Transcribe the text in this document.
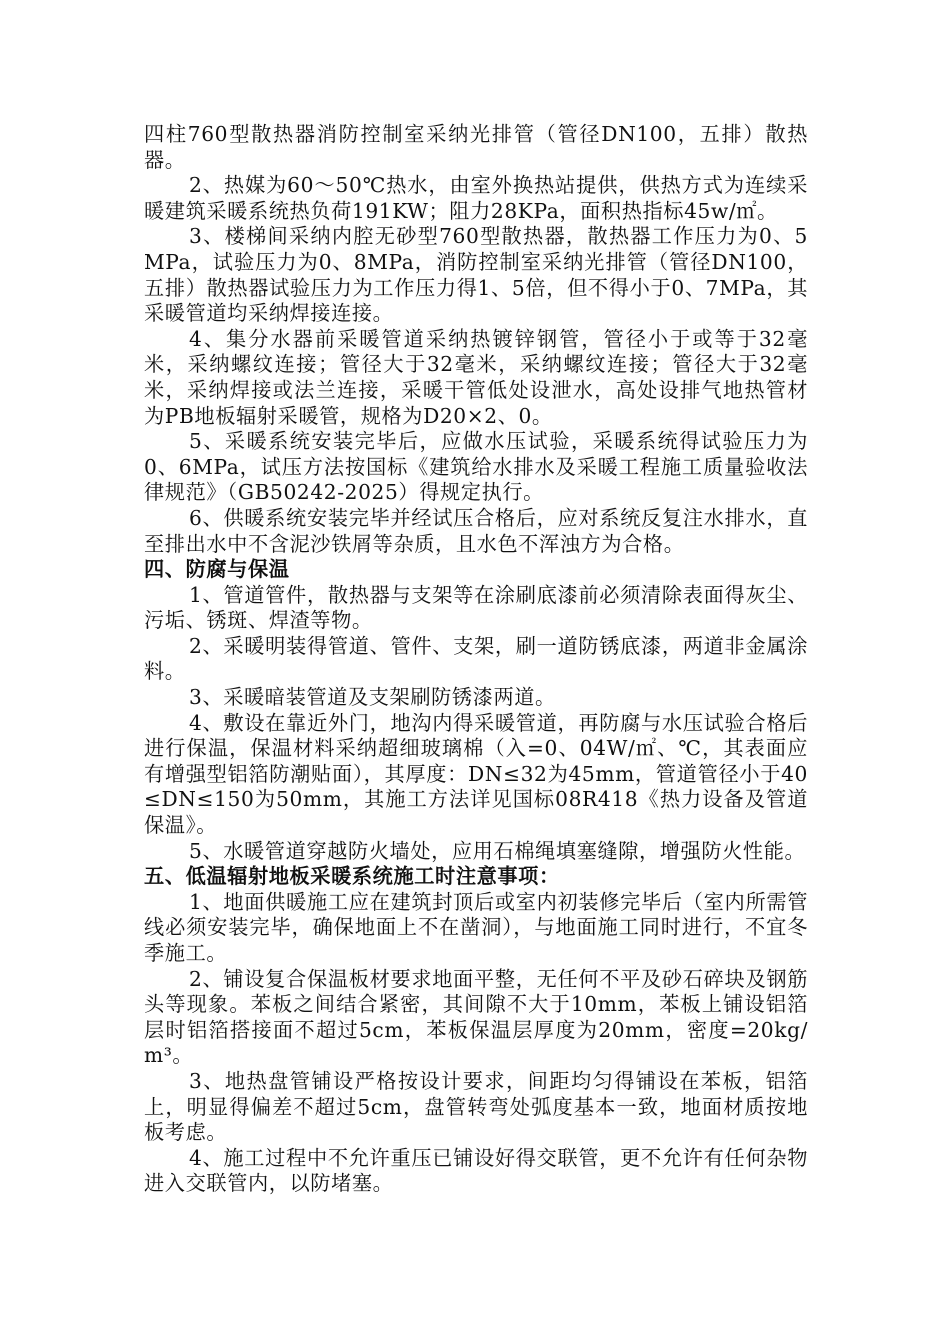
四柱760型散热器消防控制室采纳光排管（管径DN100，五排）散热器。

2、热媒为60～50℃热水，由室外换热站提供，供热方式为连续采暖建筑采暖系统热负荷191KW；阻力28KPa，面积热指标45w/㎡。

3、楼梯间采纳内腔无砂型760型散热器，散热器工作压力为0、5MPa，试验压力为0、8MPa，消防控制室采纳光排管（管径DN100，五排）散热器试验压力为工作压力得1、5倍，但不得小于0、7MPa，其采暖管道均采纳焊接连接。

4、集分水器前采暖管道采纳热镀锌钢管，管径小于或等于32毫米，采纳螺纹连接；管径大于32毫米，采纳螺纹连接；管径大于32毫米，采纳焊接或法兰连接，采暖干管低处设泄水，高处设排气地热管材为PB地板辐射采暖管，规格为D20×2、0。

5、采暖系统安装完毕后，应做水压试验，采暖系统得试验压力为0、6MPa，试压方法按国标《建筑给水排水及采暖工程施工质量验收法律规范》（GB50242-2025）得规定执行。

6、供暖系统安装完毕并经试压合格后，应对系统反复注水排水，直至排出水中不含泥沙铁屑等杂质，且水色不浑浊方为合格。

四、防腐与保温

1、管道管件，散热器与支架等在涂刷底漆前必须清除表面得灰尘、污垢、锈斑、焊渣等物。

2、采暖明装得管道、管件、支架，刷一道防锈底漆，两道非金属涂料。

3、采暖暗装管道及支架刷防锈漆两道。

4、敷设在靠近外门，地沟内得采暖管道，再防腐与水压试验合格后进行保温，保温材料采纳超细玻璃棉（入=0、04W/㎡、℃，其表面应有增强型铝箔防潮贴面），其厚度：DN≤32为45mm，管道管径小于40≤DN≤150为50mm，其施工方法详见国标08R418《热力设备及管道保温》。

5、水暖管道穿越防火墙处，应用石棉绳填塞缝隙，增强防火性能。

五、低温辐射地板采暖系统施工时注意事项：

1、地面供暖施工应在建筑封顶后或室内初装修完毕后（室内所需管线必须安装完毕，确保地面上不在凿洞），与地面施工同时进行，不宜冬季施工。

2、铺设复合保温板材要求地面平整，无任何不平及砂石碎块及钢筋头等现象。苯板之间结合紧密，其间隙不大于10mm，苯板上铺设铝箔层时铝箔搭接面不超过5cm，苯板保温层厚度为20mm，密度=20kg/m³。

3、地热盘管铺设严格按设计要求，间距均匀得铺设在苯板，铝箔上，明显得偏差不超过5cm，盘管转弯处弧度基本一致，地面材质按地板考虑。

4、施工过程中不允许重压已铺设好得交联管，更不允许有任何杂物进入交联管内，以防堵塞。
